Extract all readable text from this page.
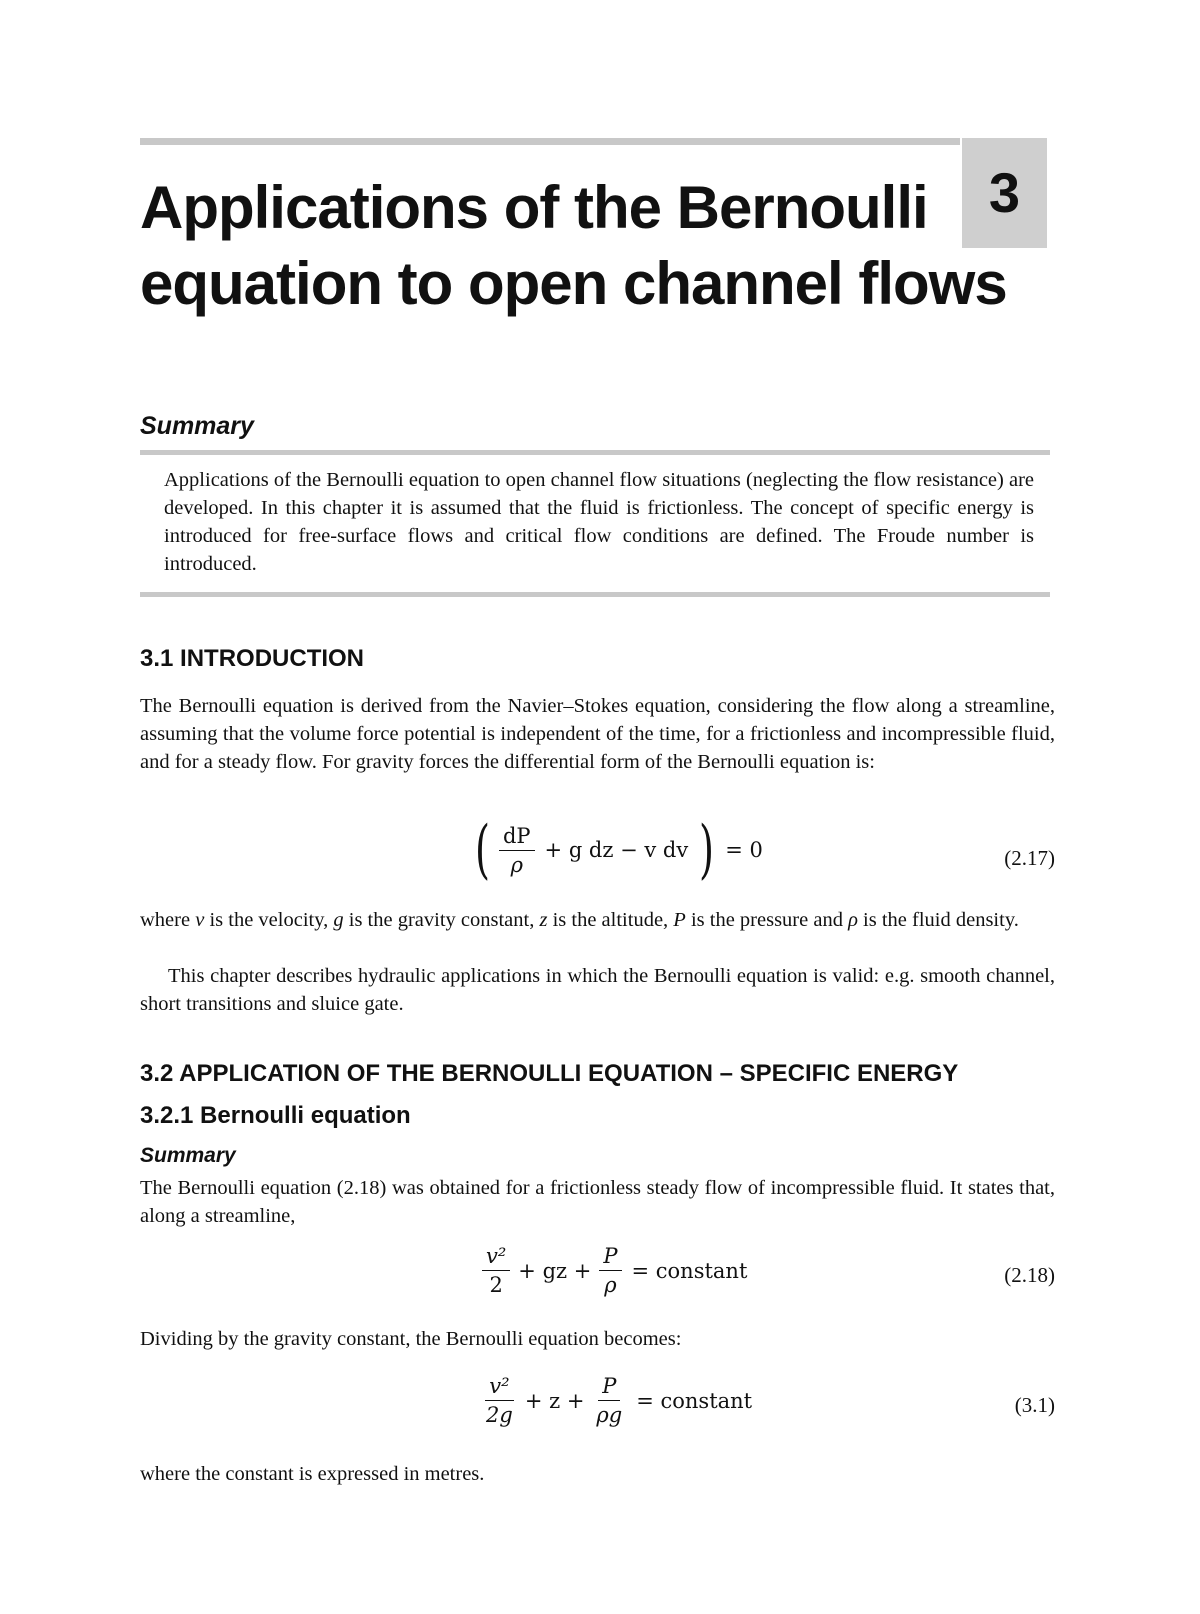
3
Applications of the Bernoulli
equation to open channel flows
Summary
Applications of the Bernoulli equation to open channel flow situations (neglecting the flow resistance) are developed. In this chapter it is assumed that the fluid is frictionless. The concept of specific energy is introduced for free-surface flows and critical flow conditions are defined. The Froude number is introduced.
3.1 INTRODUCTION
The Bernoulli equation is derived from the Navier–Stokes equation, considering the flow along a streamline, assuming that the volume force potential is independent of the time, for a frictionless and incompressible fluid, and for a steady flow. For gravity forces the differential form of the Bernoulli equation is:
( $\frac{dP}{\rho} + g$ dz − v dv ) = 0	(2.17)
where v is the velocity, g is the gravity constant, z is the altitude, P is the pressure and ρ is the fluid density.
This chapter describes hydraulic applications in which the Bernoulli equation is valid: e.g. smooth channel, short transitions and sluice gate.
3.2 APPLICATION OF THE BERNOULLI EQUATION – SPECIFIC ENERGY
3.2.1 Bernoulli equation
Summary
The Bernoulli equation (2.18) was obtained for a frictionless steady flow of incompressible fluid. It states that, along a streamline,
$\frac{\text{v²}}{2}$ + gz + $\frac{P}{\rho}$ = constant	(2.18)
Dividing by the gravity constant, the Bernoulli equation becomes:
$\frac{\text{v²}}{2g} + z + \frac{P}{\rho g}$ = constant	(3.1)
where the constant is expressed in metres.
